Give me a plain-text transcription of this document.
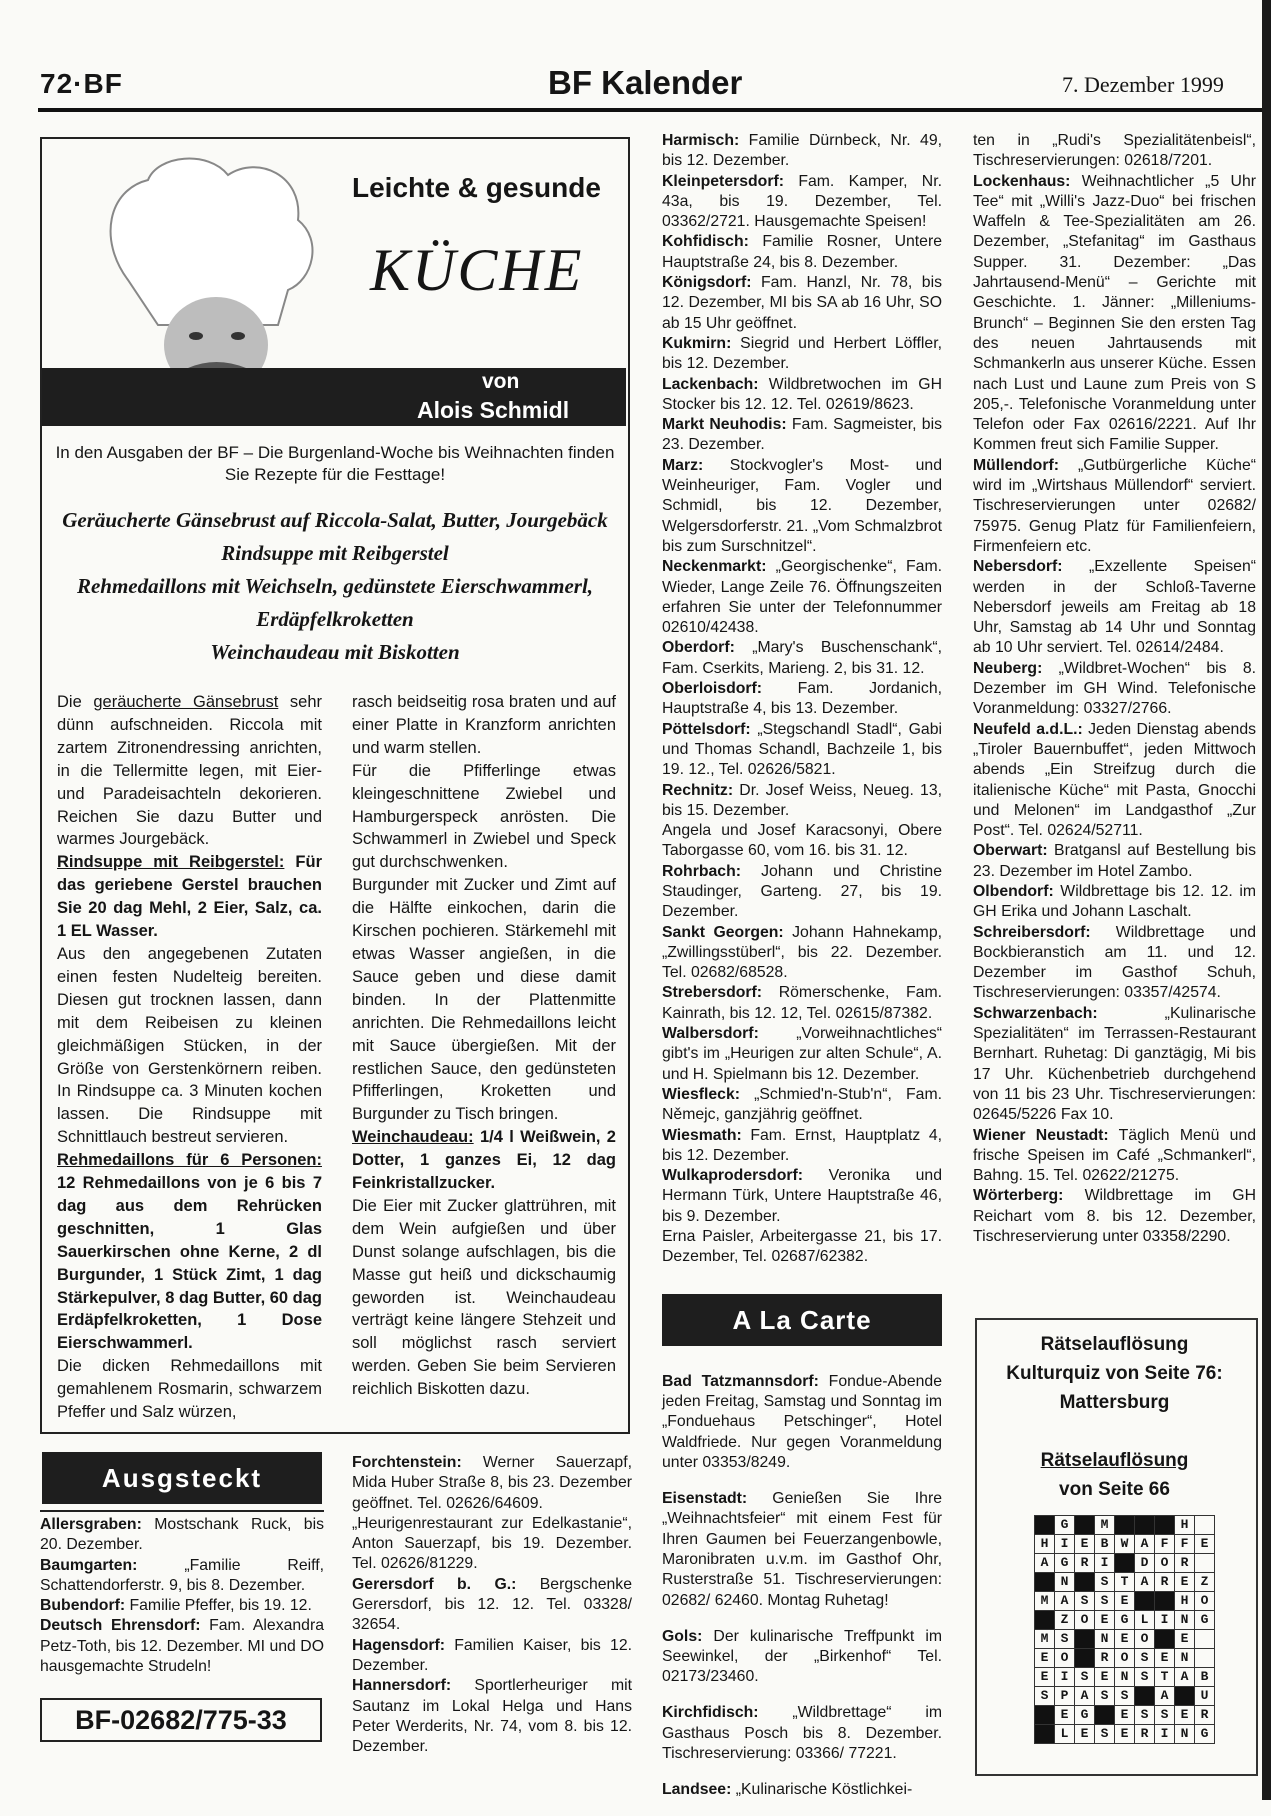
72·BF	BF Kalender	7. Dezember 1999
Leichte & gesunde
KÜCHE
von
Alois Schmidl
In den Ausgaben der BF – Die Burgenland-Woche bis Weihnachten finden Sie Rezepte für die Festtage!
Geräucherte Gänsebrust auf Riccola-Salat, Butter, Jourgebäck
Rindsuppe mit Reibgerstel
Rehmedaillons mit Weichseln, gedünstete Eierschwammerl, Erdäpfelkroketten
Weinchaudeau mit Biskotten

Die geräucherte Gänsebrust sehr dünn aufschneiden. Riccola mit zartem Zitronendressing anrichten, in die Tellermitte legen, mit Eier- und Paradeisachteln dekorieren. Reichen Sie dazu Butter und warmes Jourgebäck.

Rindsuppe mit Reibgerstel: Für das geriebene Gerstel brauchen Sie 20 dag Mehl, 2 Eier, Salz, ca. 1 EL Wasser.

Aus den angegebenen Zutaten einen festen Nudelteig bereiten. Diesen gut trocknen lassen, dann mit dem Reibeisen zu kleinen gleichmäßigen Stücken, in der Größe von Gerstenkörnern reiben. In Rindsuppe ca. 3 Minuten kochen lassen. Die Rindsuppe mit Schnittlauch bestreut servieren.

Rehmedaillons für 6 Personen: 12 Rehmedaillons von je 6 bis 7 dag aus dem Rehrücken geschnitten, 1 Glas Sauerkirschen ohne Kerne, 2 dl Burgunder, 1 Stück Zimt, 1 dag Stärkepulver, 8 dag Butter, 60 dag Erdäpfelkroketten, 1 Dose Eierschwammerl.

Die dicken Rehmedaillons mit gemahlenem Rosmarin, schwarzem Pfeffer und Salz würzen,

rasch beidseitig rosa braten und auf einer Platte in Kranzform anrichten und warm stellen.

Für die Pfifferlinge etwas kleingeschnittene Zwiebel und Hamburgerspeck anrösten. Die Schwammerl in Zwiebel und Speck gut durchschwenken.

Burgunder mit Zucker und Zimt auf die Hälfte einkochen, darin die Kirschen pochieren. Stärkemehl mit etwas Wasser angießen, in die Sauce geben und diese damit binden. In der Plattenmitte anrichten. Die Rehmedaillons leicht mit Sauce übergießen. Mit der restlichen Sauce, den gedünsteten Pfifferlingen, Kroketten und Burgunder zu Tisch bringen.

Weinchaudeau: 1/4 l Weißwein, 2 Dotter, 1 ganzes Ei, 12 dag Feinkristallzucker.

Die Eier mit Zucker glattrühren, mit dem Wein aufgießen und über Dunst solange aufschlagen, bis die Masse gut heiß und dickschaumig geworden ist. Weinchaudeau verträgt keine längere Stehzeit und soll möglichst rasch serviert werden. Geben Sie beim Servieren reichlich Biskotten dazu.

Harmisch: Familie Dürnbeck, Nr. 49, bis 12. Dezember.

Kleinpetersdorf: Fam. Kamper, Nr. 43a, bis 19. Dezember, Tel. 03362/2721. Hausgemachte Speisen!

Kohfidisch: Familie Rosner, Untere Hauptstraße 24, bis 8. Dezember.

Königsdorf: Fam. Hanzl, Nr. 78, bis 12. Dezember, MI bis SA ab 16 Uhr, SO ab 15 Uhr geöffnet.

Kukmirn: Siegrid und Herbert Löffler, bis 12. Dezember.

Lackenbach: Wildbretwochen im GH Stocker bis 12. 12. Tel. 02619/8623.

Markt Neuhodis: Fam. Sagmeister, bis 23. Dezember.

Marz: Stockvogler's Most- und Weinheuriger, Fam. Vogler und Schmidl, bis 12. Dezember, Welgersdorferstr. 21. „Vom Schmalzbrot bis zum Surschnitzel“.

Neckenmarkt: „Georgischenke“, Fam. Wieder, Lange Zeile 76. Öffnungszeiten erfahren Sie unter der Telefonnummer 02610/42438.

Oberdorf: „Mary's Buschenschank“, Fam. Cserkits, Marieng. 2, bis 31. 12.

Oberloisdorf: Fam. Jordanich, Hauptstraße 4, bis 13. Dezember.

Pöttelsdorf: „Stegschandl Stadl“, Gabi und Thomas Schandl, Bachzeile 1, bis 19. 12., Tel. 02626/5821.

Rechnitz: Dr. Josef Weiss, Neueg. 13, bis 15. Dezember.

Angela und Josef Karacsonyi, Obere Taborgasse 60, vom 16. bis 31. 12.

Rohrbach: Johann und Christine Staudinger, Garteng. 27, bis 19. Dezember.

Sankt Georgen: Johann Hahnekamp, „Zwillingsstüberl“, bis 22. Dezember. Tel. 02682/68528.

Strebersdorf: Römerschenke, Fam. Kainrath, bis 12. 12, Tel. 02615/87382.

Walbersdorf: „Vorweihnachtliches“ gibt's im „Heurigen zur alten Schule“, A. und H. Spielmann bis 12. Dezember.

Wiesfleck: „Schmied'n-Stub'n“, Fam. Němejc, ganzjährig geöffnet.

Wiesmath: Fam. Ernst, Hauptplatz 4, bis 12. Dezember.

Wulkaprodersdorf: Veronika und Hermann Türk, Untere Hauptstraße 46, bis 9. Dezember.

Erna Paisler, Arbeitergasse 21, bis 17. Dezember, Tel. 02687/62382.

A La Carte

Bad Tatzmannsdorf: Fondue-Abende jeden Freitag, Samstag und Sonntag im „Fonduehaus Petschinger“, Hotel Waldfriede. Nur gegen Voranmeldung unter 03353/8249.

Eisenstadt: Genießen Sie Ihre „Weihnachtsfeier“ mit einem Fest für Ihren Gaumen bei Feuerzangenbowle, Maronibraten u.v.m. im Gasthof Ohr, Rusterstraße 51. Tischreservierungen: 02682/ 62460. Montag Ruhetag!

Gols: Der kulinarische Treffpunkt im Seewinkel, der „Birkenhof“ Tel. 02173/23460.

Kirchfidisch: „Wildbrettage“ im Gasthaus Posch bis 8. Dezember. Tischreservierung: 03366/ 77221.

Landsee: „Kulinarische Köstlichkei-

ten in „Rudi's Spezialitätenbeisl“, Tischreservierungen: 02618/7201.

Lockenhaus: Weihnachtlicher „5 Uhr Tee“ mit „Willi's Jazz-Duo“ bei frischen Waffeln & Tee-Spezialitäten am 26. Dezember, „Stefanitag“ im Gasthaus Supper. 31. Dezember: „Das Jahrtausend-Menü“ – Gerichte mit Geschichte. 1. Jänner: „Milleniums-Brunch“ – Beginnen Sie den ersten Tag des neuen Jahrtausends mit Schmankerln aus unserer Küche. Essen nach Lust und Laune zum Preis von S 205,-. Telefonische Voranmeldung unter Telefon oder Fax 02616/2221. Auf Ihr Kommen freut sich Familie Supper.

Müllendorf: „Gutbürgerliche Küche“ wird im „Wirtshaus Müllendorf“ serviert. Tischreservierungen unter 02682/ 75975. Genug Platz für Familienfeiern, Firmenfeiern etc.

Nebersdorf: „Exzellente Speisen“ werden in der Schloß-Taverne Nebersdorf jeweils am Freitag ab 18 Uhr, Samstag ab 14 Uhr und Sonntag ab 10 Uhr serviert. Tel. 02614/2484.

Neuberg: „Wildbret-Wochen“ bis 8. Dezember im GH Wind. Telefonische Voranmeldung: 03327/2766.

Neufeld a.d.L.: Jeden Dienstag abends „Tiroler Bauernbuffet“, jeden Mittwoch abends „Ein Streifzug durch die italienische Küche“ mit Pasta, Gnocchi und Melonen“ im Landgasthof „Zur Post“. Tel. 02624/52711.

Oberwart: Bratgansl auf Bestellung bis 23. Dezember im Hotel Zambo.

Olbendorf: Wildbrettage bis 12. 12. im GH Erika und Johann Laschalt.

Schreibersdorf: Wildbrettage und Bockbieranstich am 11. und 12. Dezember im Gasthof Schuh, Tischreservierungen: 03357/42574.

Schwarzenbach: „Kulinarische Spezialitäten“ im Terrassen-Restaurant Bernhart. Ruhetag: Di ganztägig, Mi bis 17 Uhr. Küchenbetrieb durchgehend von 11 bis 23 Uhr. Tischreservierungen: 02645/5226 Fax 10.

Wiener Neustadt: Täglich Menü und frische Speisen im Café „Schmankerl“, Bahng. 15. Tel. 02622/21275.

Wörterberg: Wildbrettage im GH Reichart vom 8. bis 12. Dezember, Tischreservierung unter 03358/2290.

Ausgsteckt

Allersgraben: Mostschank Ruck, bis 20. Dezember.

Baumgarten: „Familie Reiff, Schattendorferstr. 9, bis 8. Dezember.

Bubendorf: Familie Pfeffer, bis 19. 12.

Deutsch Ehrensdorf: Fam. Alexandra Petz-Toth, bis 12. Dezember. MI und DO hausgemachte Strudeln!

Forchtenstein: Werner Sauerzapf, Mida Huber Straße 8, bis 23. Dezember geöffnet. Tel. 02626/64609.

„Heurigenrestaurant zur Edelkastanie“, Anton Sauerzapf, bis 19. Dezember. Tel. 02626/81229.

Gerersdorf b. G.: Bergschenke Gerersdorf, bis 12. 12. Tel. 03328/ 32654.

Hagensdorf: Familien Kaiser, bis 12. Dezember.

Hannersdorf: Sportlerheuriger mit Sautanz im Lokal Helga und Hans Peter Werderits, Nr. 74, vom 8. bis 12. Dezember.

BF-02682/775-33
Rätselauflösung
Kulturquiz von Seite 76:
Mattersburg
Rätselauflösung
von Seite 66
	G		M				H	
H	I	E	B	W	A	F	F	E
A	G	R	I		D	O	R	
	N		S	T	A	R	E	Z
M	A	S	S	E			H	O
	Z	O	E	G	L	I	N	G
M	S		N	E	O		E	
E	O		R	O	S	E	N	
E	I	S	E	N	S	T	A	B
S	P	A	S	S		A		U
	E	G		E	S	S	E	R
	L	E	S	E	R	I	N	G
